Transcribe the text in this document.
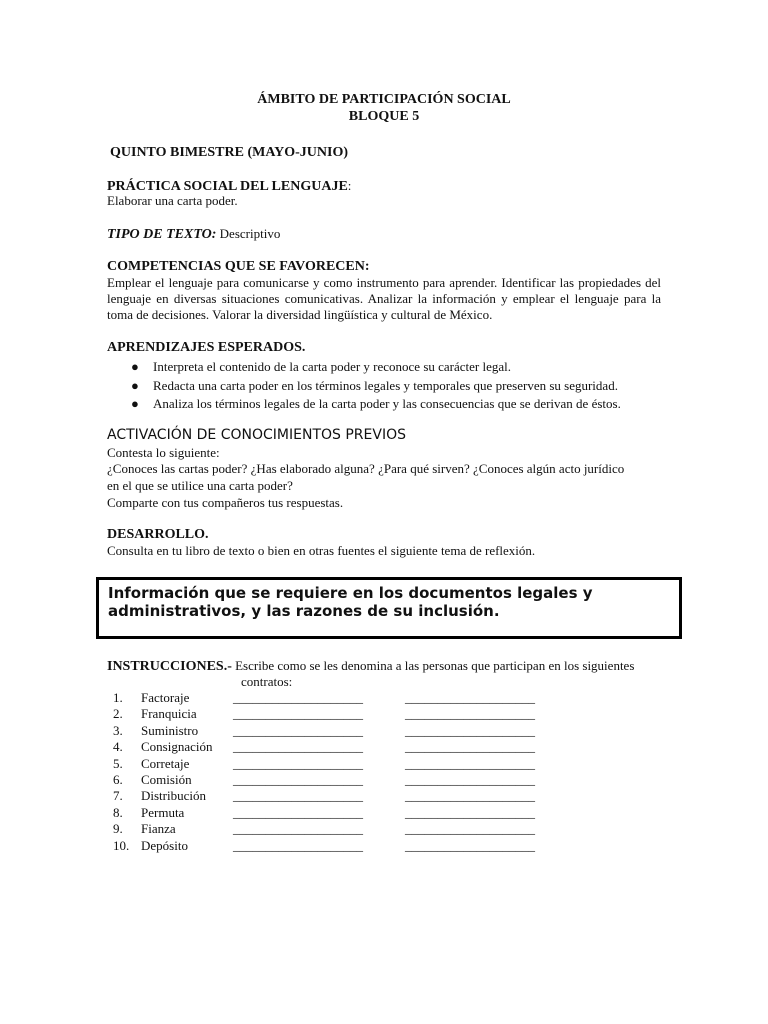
ÁMBITO DE PARTICIPACIÓN SOCIAL
BLOQUE 5
QUINTO BIMESTRE (MAYO-JUNIO)
PRÁCTICA SOCIAL DEL LENGUAJE:
Elaborar una carta poder.
TIPO DE TEXTO: Descriptivo
COMPETENCIAS QUE SE FAVORECEN:
Emplear el lenguaje para comunicarse y como instrumento para aprender. Identificar las propiedades del lenguaje en diversas situaciones comunicativas. Analizar la información y emplear el lenguaje para la toma de decisiones. Valorar la diversidad lingüística y cultural de México.
APRENDIZAJES ESPERADOS.
● Interpreta el contenido de la carta poder y reconoce su carácter legal.
● Redacta una carta poder en los términos legales y temporales que preserven su seguridad.
● Analiza los términos legales de la carta poder y las consecuencias que se derivan de éstos.
ACTIVACIÓN DE CONOCIMIENTOS PREVIOS
Contesta lo siguiente:
¿Conoces las cartas poder? ¿Has elaborado alguna? ¿Para qué sirven? ¿Conoces algún acto jurídico
en el que se utilice una carta poder?
Comparte con tus compañeros tus respuestas.
DESARROLLO.
Consulta en tu libro de texto o bien en otras fuentes el siguiente tema de reflexión.
Información que se requiere en los documentos legales y
administrativos, y las razones de su inclusión.
INSTRUCCIONES.- Escribe como se les denomina a las personas que participan en los siguientes
contratos:
1.	Factoraje	____________________	____________________
2.	Franquicia	____________________	____________________
3.	Suministro	____________________	____________________
4.	Consignación	____________________	____________________
5.	Corretaje	____________________	____________________
6.	Comisión	____________________	____________________
7.	Distribución	____________________	____________________
8.	Permuta	____________________	____________________
9.	Fianza	____________________	____________________
10.	Depósito	____________________	____________________
